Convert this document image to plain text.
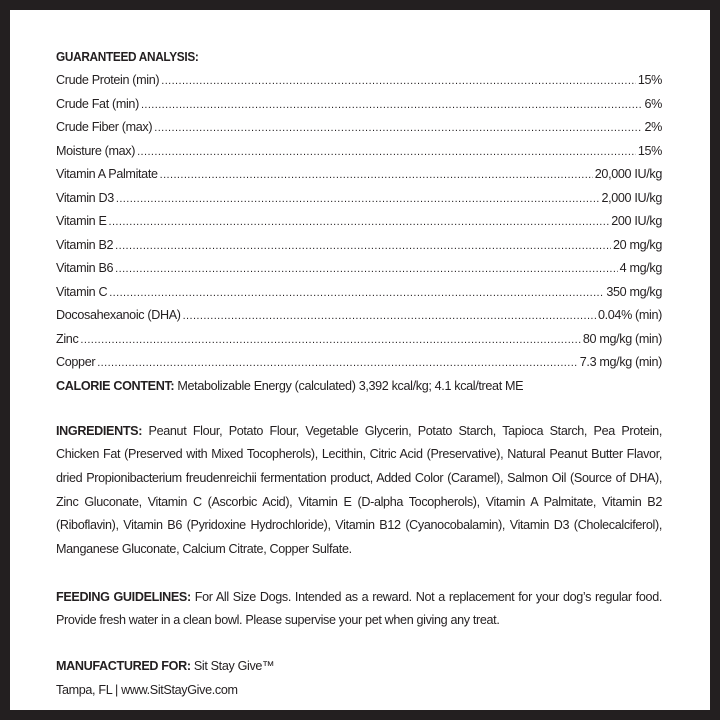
GUARANTEED ANALYSIS:
Crude Protein (min) .....	15%
Crude Fat (min) .....	6%
Crude Fiber (max) .....	2%
Moisture (max) .....	15%
Vitamin A Palmitate .....	20,000 IU/kg
Vitamin D3 .....	2,000 IU/kg
Vitamin E .....	200 IU/kg
Vitamin B2 .....	20 mg/kg
Vitamin B6 .....	4 mg/kg
Vitamin C .....	350 mg/kg
Docosahexanoic (DHA) .....	0.04% (min)
Zinc .....	80 mg/kg (min)
Copper .....	7.3 mg/kg (min)
CALORIE CONTENT: Metabolizable Energy (calculated) 3,392 kcal/kg; 4.1 kcal/treat ME
INGREDIENTS: Peanut Flour, Potato Flour, Vegetable Glycerin, Potato Starch, Tapioca Starch, Pea Protein, Chicken Fat (Preserved with Mixed Tocopherols), Lecithin, Citric Acid (Preservative), Natural Peanut Butter Flavor, dried Propionibacterium freudenreichii fermentation product, Added Color (Caramel), Salmon Oil (Source of DHA), Zinc Gluconate, Vitamin C (Ascorbic Acid), Vitamin E (D-alpha Tocopherols), Vitamin A Palmitate, Vitamin B2 (Riboflavin), Vitamin B6 (Pyridoxine Hydrochloride), Vitamin B12 (Cyanocobalamin), Vitamin D3 (Cholecalciferol), Manganese Gluconate, Calcium Citrate, Copper Sulfate.
FEEDING GUIDELINES: For All Size Dogs. Intended as a reward. Not a replacement for your dog’s regular food. Provide fresh water in a clean bowl. Please supervise your pet when giving any treat.
MANUFACTURED FOR: Sit Stay Give™
Tampa, FL | www.SitStayGive.com
